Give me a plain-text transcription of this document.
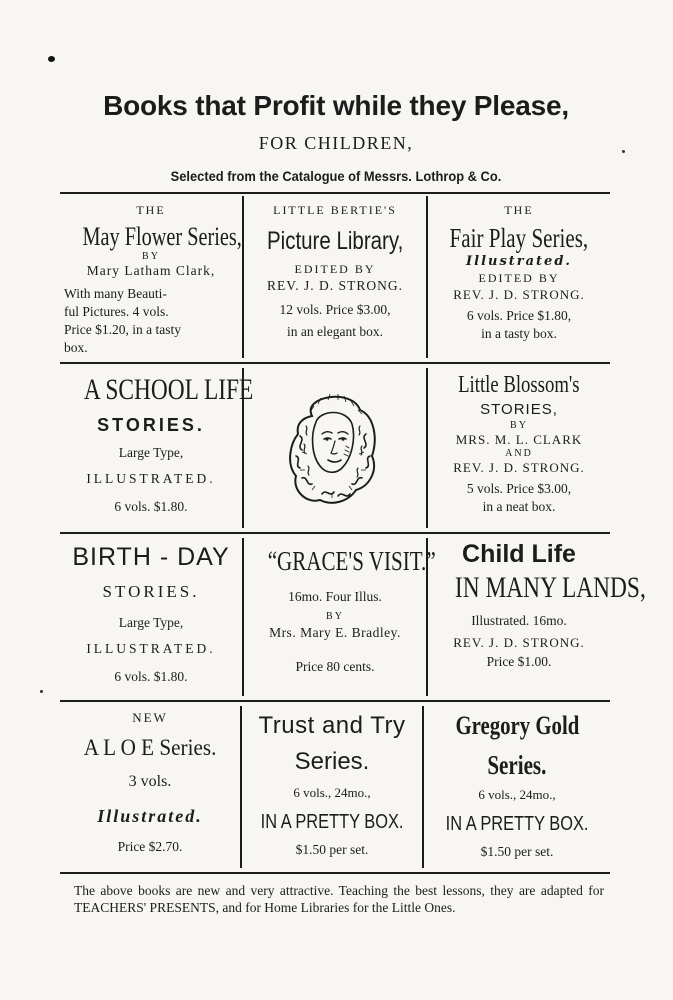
Books that Profit while they Please,
FOR CHILDREN,
Selected from the Catalogue of Messrs. Lothrop & Co.
THE
May Flower Series,
BY
Mary Latham Clark,
With many Beauti-
ful Pictures. 4 vols.
Price $1.20, in a tasty
box.
LITTLE BERTIE'S
Picture Library,
EDITED BY
REV. J. D. STRONG.
12 vols. Price $3.00,
in an elegant box.
THE
Fair Play Series,
Illustrated.
EDITED BY
REV. J. D. STRONG.
6 vols. Price $1.80,
in a tasty box.
A SCHOOL LIFE
STORIES.
Large Type,
ILLUSTRATED.
6 vols. $1.80.
Little Blossom's
STORIES,
BY
MRS. M. L. CLARK
AND
REV. J. D. STRONG.
5 vols. Price $3.00,
in a neat box.
BIRTH - DAY
STORIES.
Large Type,
ILLUSTRATED.
6 vols. $1.80.
“GRACE'S VISIT.”
16mo. Four Illus.
BY
Mrs. Mary E. Bradley.
Price 80 cents.
Child Life
IN MANY LANDS,
Illustrated. 16mo.
REV. J. D. STRONG.
Price $1.00.
NEW
A L O E Series.
3 vols.
Illustrated.
Price $2.70.
Trust and Try
Series.
6 vols., 24mo.,
IN A PRETTY BOX.
$1.50 per set.
Gregory Gold
Series.
6 vols., 24mo.,
IN A PRETTY BOX.
$1.50 per set.
The above books are new and very attractive. Teaching the best lessons, they are adapted for TEACHERS' PRESENTS, and for Home Libraries for the Little Ones.
